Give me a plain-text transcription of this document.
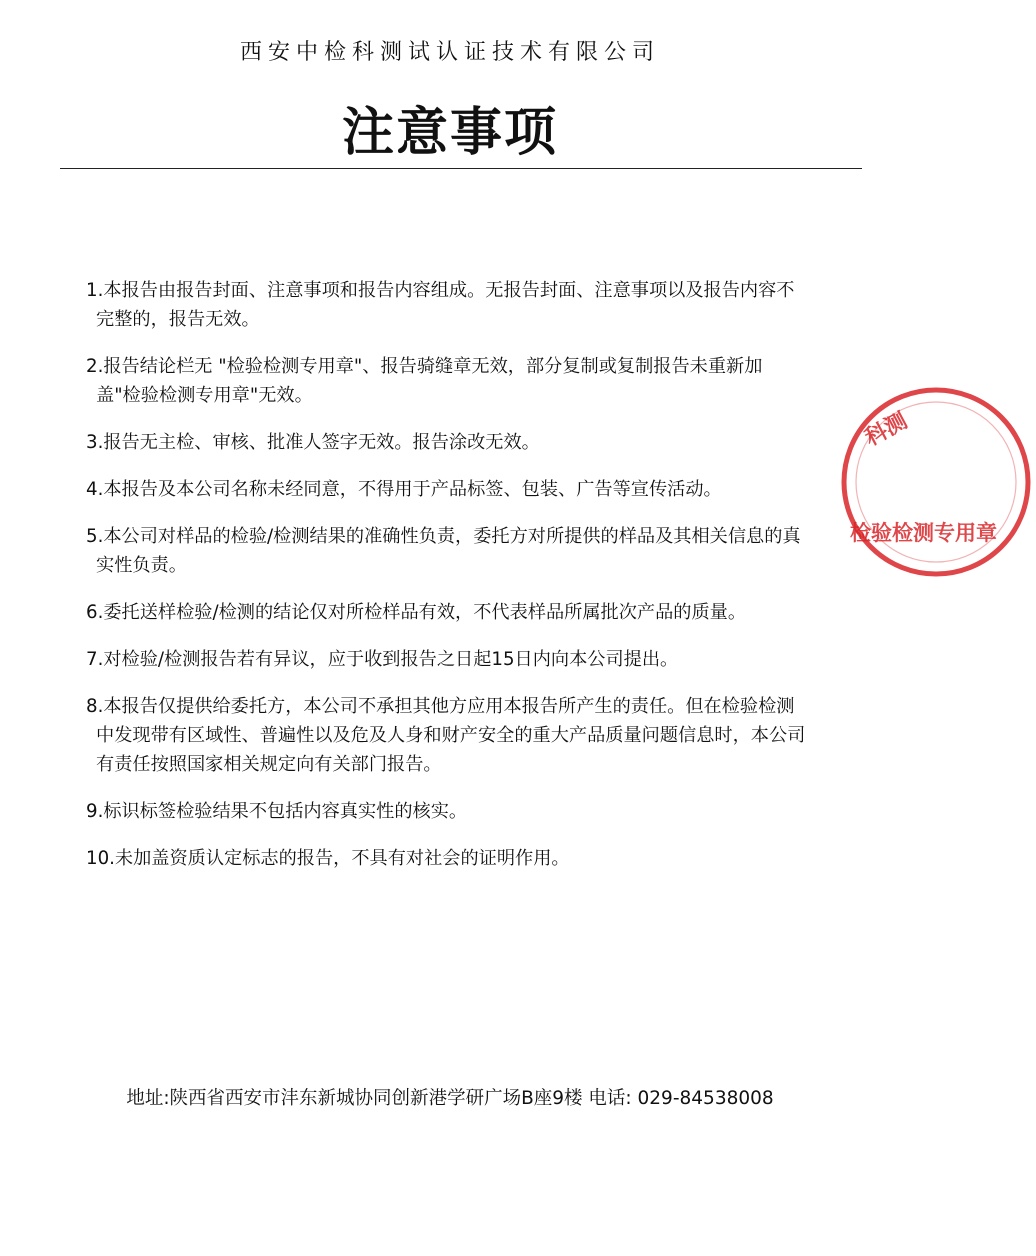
西安中检科测试认证技术有限公司
注意事项
1.本报告由报告封面、注意事项和报告内容组成。无报告封面、注意事项以及报告内容不完整的，报告无效。
2.报告结论栏无 "检验检测专用章"、报告骑缝章无效，部分复制或复制报告未重新加盖"检验检测专用章"无效。
3.报告无主检、审核、批准人签字无效。报告涂改无效。
4.本报告及本公司名称未经同意，不得用于产品标签、包装、广告等宣传活动。
5.本公司对样品的检验/检测结果的准确性负责，委托方对所提供的样品及其相关信息的真实性负责。
6.委托送样检验/检测的结论仅对所检样品有效，不代表样品所属批次产品的质量。
7.对检验/检测报告若有异议，应于收到报告之日起15日内向本公司提出。
8.本报告仅提供给委托方，本公司不承担其他方应用本报告所产生的责任。但在检验检测中发现带有区域性、普遍性以及危及人身和财产安全的重大产品质量问题信息时，本公司有责任按照国家相关规定向有关部门报告。
9.标识标签检验结果不包括内容真实性的核实。
10.未加盖资质认定标志的报告，不具有对社会的证明作用。
地址:陕西省西安市沣东新城协同创新港学研广场B座9楼 电话: 029-84538008
科测
检验检测专用章
